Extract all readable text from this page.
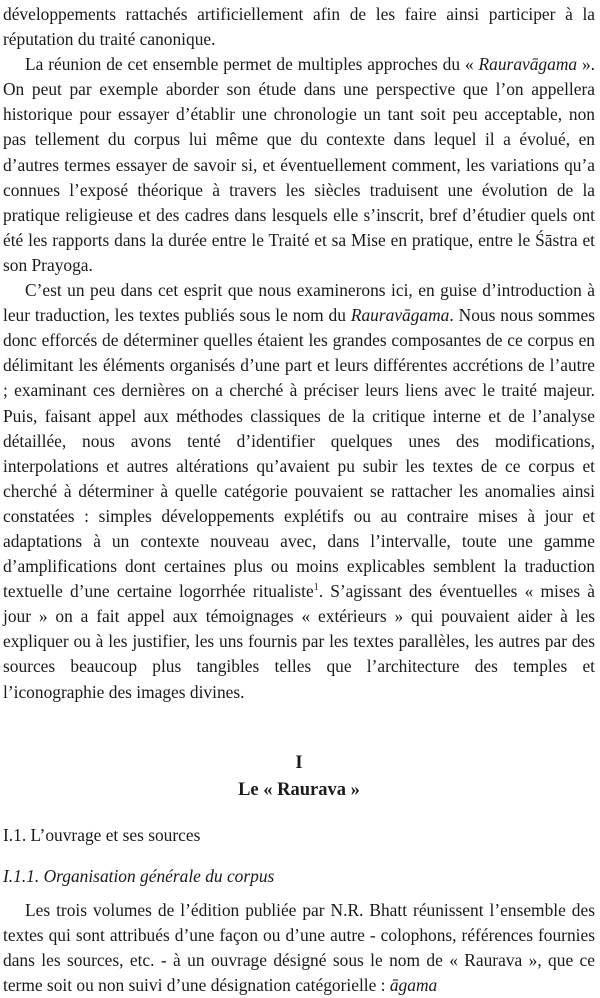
développements rattachés artificiellement afin de les faire ainsi participer à la réputation du traité canonique.

La réunion de cet ensemble permet de multiples approches du « Rauravāgama ». On peut par exemple aborder son étude dans une perspective que l’on appellera historique pour essayer d’établir une chronologie un tant soit peu acceptable, non pas tellement du corpus lui même que du contexte dans lequel il a évolué, en d’autres termes essayer de savoir si, et éventuellement comment, les variations qu’a connues l’exposé théorique à travers les siècles traduisent une évolution de la pratique religieuse et des cadres dans lesquels elle s’inscrit, bref d’étudier quels ont été les rapports dans la durée entre le Traité et sa Mise en pratique, entre le Śāstra et son Prayoga.

C’est un peu dans cet esprit que nous examinerons ici, en guise d’introduction à leur traduction, les textes publiés sous le nom du Rauravāgama. Nous nous sommes donc efforcés de déterminer quelles étaient les grandes composantes de ce corpus en délimitant les éléments organisés d’une part et leurs différentes accrétions de l’autre ; examinant ces dernières on a cherché à préciser leurs liens avec le traité majeur. Puis, faisant appel aux méthodes classiques de la critique interne et de l’analyse détaillée, nous avons tenté d’identifier quelques unes des modifications, interpolations et autres altérations qu’avaient pu subir les textes de ce corpus et cherché à déterminer à quelle catégorie pouvaient se rattacher les anomalies ainsi constatées : simples développements explétifs ou au contraire mises à jour et adaptations à un contexte nouveau avec, dans l’intervalle, toute une gamme d’amplifications dont certaines plus ou moins explicables semblent la traduction textuelle d’une certaine logorrhée ritualiste$^1$. S’agissant des éventuelles « mises à jour » on a fait appel aux témoignages « extérieurs » qui pouvaient aider à les expliquer ou à les justifier, les uns fournis par les textes parallèles, les autres par des sources beaucoup plus tangibles telles que l’architecture des temples et l’iconographie des images divines.

I
Le « Raurava »
I.1. L’ouvrage et ses sources
I.1.1. Organisation générale du corpus

Les trois volumes de l’édition publiée par N.R. Bhatt réunissent l’ensemble des textes qui sont attribués d’une façon ou d’une autre - colophons, références fournies dans les sources, etc. - à un ouvrage désigné sous le nom de « Raurava », que ce terme soit ou non suivi d’une désignation catégorielle : āgama
